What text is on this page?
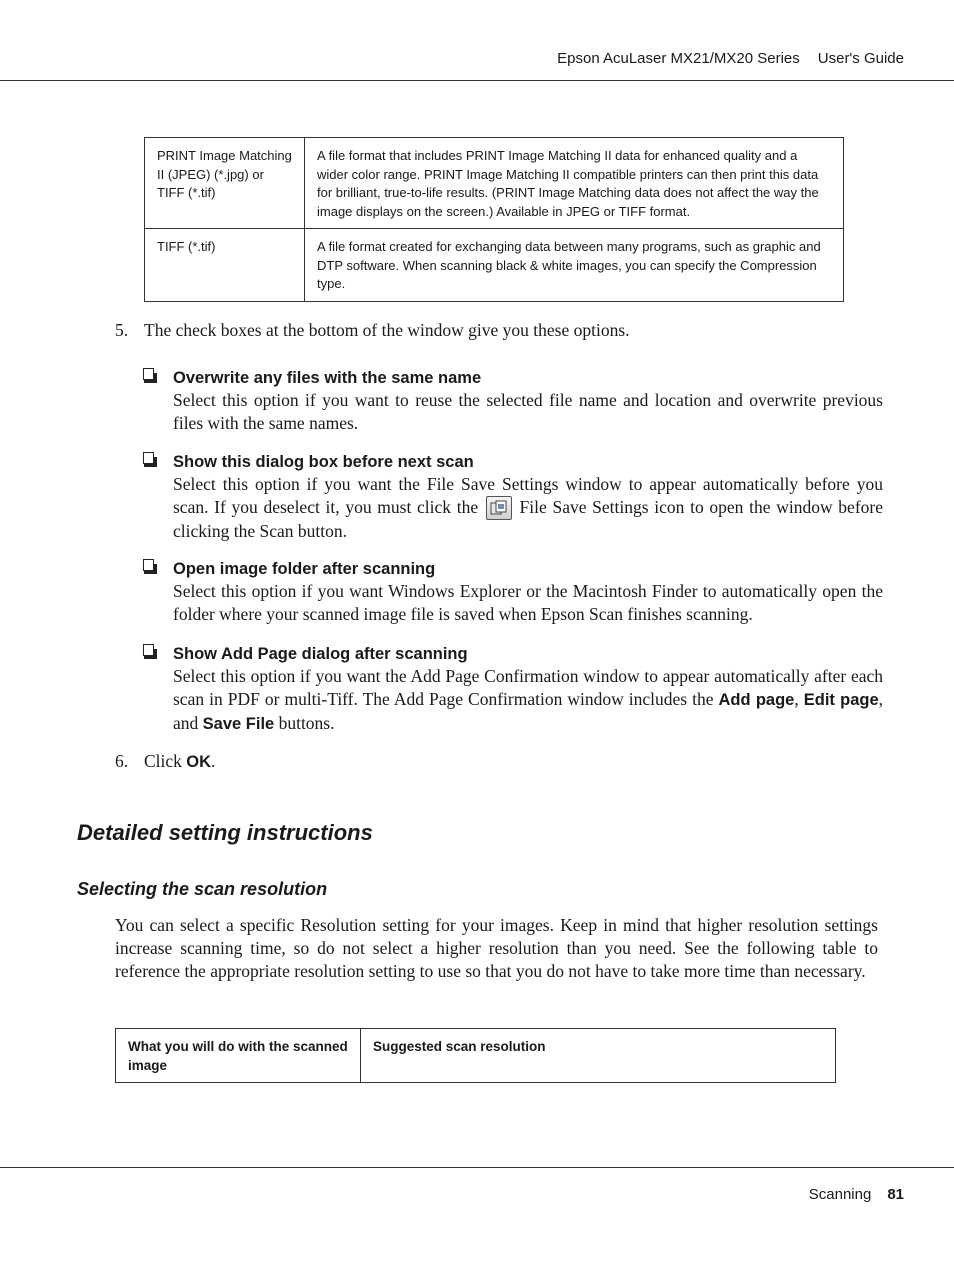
Epson AcuLaser MX21/MX20 Series User's Guide
PRINT Image Matching II (JPEG) (*.jpg) or TIFF (*.tif)	A file format that includes PRINT Image Matching II data for enhanced quality and a wider color range. PRINT Image Matching II compatible printers can then print this data for brilliant, true-to-life results. (PRINT Image Matching data does not affect the way the image displays on the screen.) Available in JPEG or TIFF format.
TIFF (*.tif)	A file format created for exchanging data between many programs, such as graphic and DTP software. When scanning black & white images, you can specify the Compression type.
5. The check boxes at the bottom of the window give you these options.
Overwrite any files with the same name
Select this option if you want to reuse the selected file name and location and overwrite previous files with the same names.
Show this dialog box before next scan
Select this option if you want the File Save Settings window to appear automatically before you scan. If you deselect it, you must click the File Save Settings icon to open the window before clicking the Scan button.
Open image folder after scanning
Select this option if you want Windows Explorer or the Macintosh Finder to automatically open the folder where your scanned image file is saved when Epson Scan finishes scanning.
Show Add Page dialog after scanning
Select this option if you want the Add Page Confirmation window to appear automatically after each scan in PDF or multi-Tiff. The Add Page Confirmation window includes the Add page, Edit page, and Save File buttons.
6. Click OK.
Detailed setting instructions
Selecting the scan resolution
You can select a specific Resolution setting for your images. Keep in mind that higher resolution settings increase scanning time, so do not select a higher resolution than you need. See the following table to reference the appropriate resolution setting to use so that you do not have to take more time than necessary.
What you will do with the scanned image	Suggested scan resolution
Scanning 81
